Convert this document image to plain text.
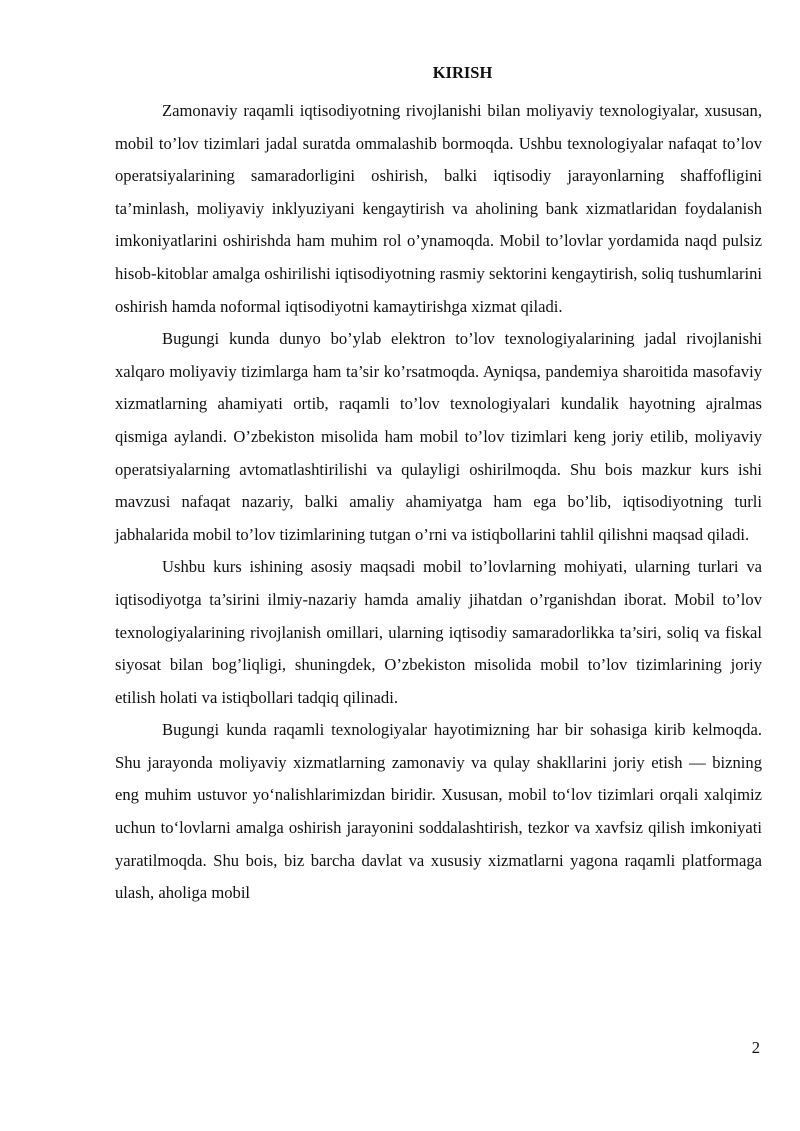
KIRISH

Zamonaviy raqamli iqtisodiyotning rivojlanishi bilan moliyaviy texnologiyalar, xususan, mobil to’lov tizimlari jadal suratda ommalashib bormoqda. Ushbu texnologiyalar nafaqat to’lov operatsiyalarining samaradorligini oshirish, balki iqtisodiy jarayonlarning shaffofligini ta’minlash, moliyaviy inklyuziyani kengaytirish va aholining bank xizmatlaridan foydalanish imkoniyatlarini oshirishda ham muhim rol o’ynamoqda. Mobil to’lovlar yordamida naqd pulsiz hisob-kitoblar amalga oshirilishi iqtisodiyotning rasmiy sektorini kengaytirish, soliq tushumlarini oshirish hamda noformal iqtisodiyotni kamaytirishga xizmat qiladi.

Bugungi kunda dunyo bo’ylab elektron to’lov texnologiyalarining jadal rivojlanishi xalqaro moliyaviy tizimlarga ham ta’sir ko’rsatmoqda. Ayniqsa, pandemiya sharoitida masofaviy xizmatlarning ahamiyati ortib, raqamli to’lov texnologiyalari kundalik hayotning ajralmas qismiga aylandi. O’zbekiston misolida ham mobil to’lov tizimlari keng joriy etilib, moliyaviy operatsiyalarning avtomatlashtirilishi va qulayligi oshirilmoqda. Shu bois mazkur kurs ishi mavzusi nafaqat nazariy, balki amaliy ahamiyatga ham ega bo’lib, iqtisodiyotning turli jabhalarida mobil to’lov tizimlarining tutgan o’rni va istiqbollarini tahlil qilishni maqsad qiladi.

Ushbu kurs ishining asosiy maqsadi mobil to’lovlarning mohiyati, ularning turlari va iqtisodiyotga ta’sirini ilmiy-nazariy hamda amaliy jihatdan o’rganishdan iborat. Mobil to’lov texnologiyalarining rivojlanish omillari, ularning iqtisodiy samaradorlikka ta’siri, soliq va fiskal siyosat bilan bog’liqligi, shuningdek, O’zbekiston misolida mobil to’lov tizimlarining joriy etilish holati va istiqbollari tadqiq qilinadi.

Bugungi kunda raqamli texnologiyalar hayotimizning har bir sohasiga kirib kelmoqda. Shu jarayonda moliyaviy xizmatlarning zamonaviy va qulay shakllarini joriy etish — bizning eng muhim ustuvor yo‘nalishlarimizdan biridir. Xususan, mobil to‘lov tizimlari orqali xalqimiz uchun to‘lovlarni amalga oshirish jarayonini soddalashtirish, tezkor va xavfsiz qilish imkoniyati yaratilmoqda. Shu bois, biz barcha davlat va xususiy xizmatlarni yagona raqamli platformaga ulash, aholiga mobil

2
